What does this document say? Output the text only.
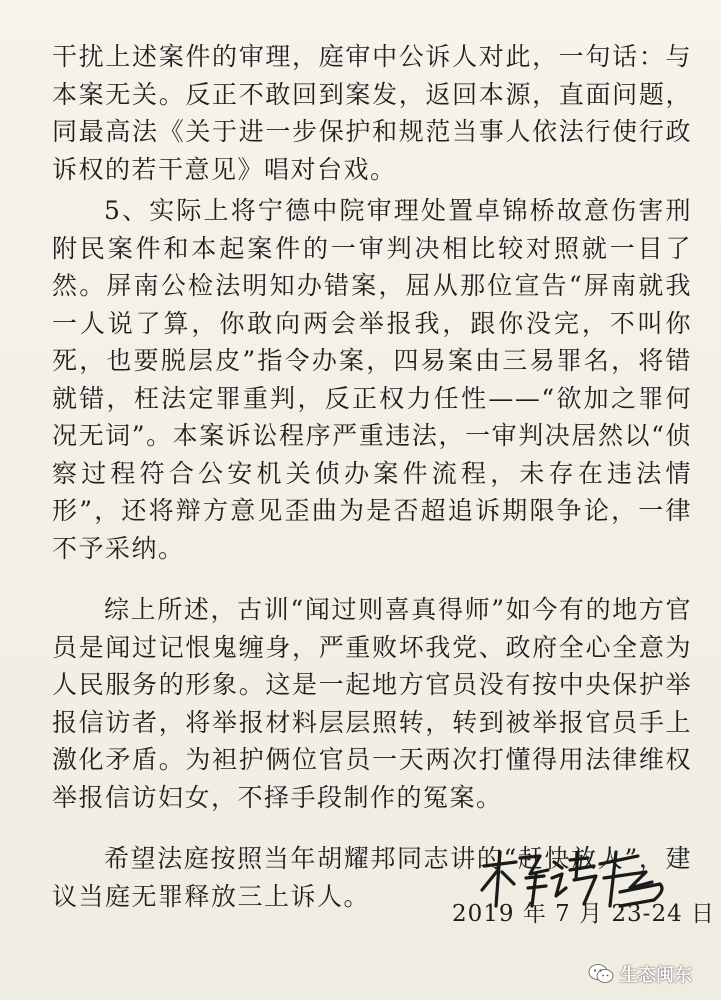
干扰上述案件的审理，庭审中公诉人对此，一句话：与本案无关。反正不敢回到案发，返回本源，直面问题，同最高法《关于进一步保护和规范当事人依法行使行政诉权的若干意见》唱对台戏。

5、实际上将宁德中院审理处置卓锦桥故意伤害刑附民案件和本起案件的一审判决相比较对照就一目了然。屏南公检法明知办错案，屈从那位宣告“屏南就我一人说了算，你敢向两会举报我，跟你没完，不叫你死，也要脱层皮”指令办案，四易案由三易罪名，将错就错，枉法定罪重判，反正权力任性——“欲加之罪何况无词”。本案诉讼程序严重违法，一审判决居然以“侦察过程符合公安机关侦办案件流程，未存在违法情形”，还将辩方意见歪曲为是否超追诉期限争论，一律不予采纳。

综上所述，古训“闻过则喜真得师”如今有的地方官员是闻过记恨鬼缠身，严重败坏我党、政府全心全意为人民服务的形象。这是一起地方官员没有按中央保护举报信访者，将举报材料层层照转，转到被举报官员手上激化矛盾。为袒护俩位官员一天两次打懂得用法律维权举报信访妇女，不择手段制作的冤案。

希望法庭按照当年胡耀邦同志讲的“赶快放人”，建议当庭无罪释放三上诉人。

2019 年 7 月 23-24 日
生态闽东
